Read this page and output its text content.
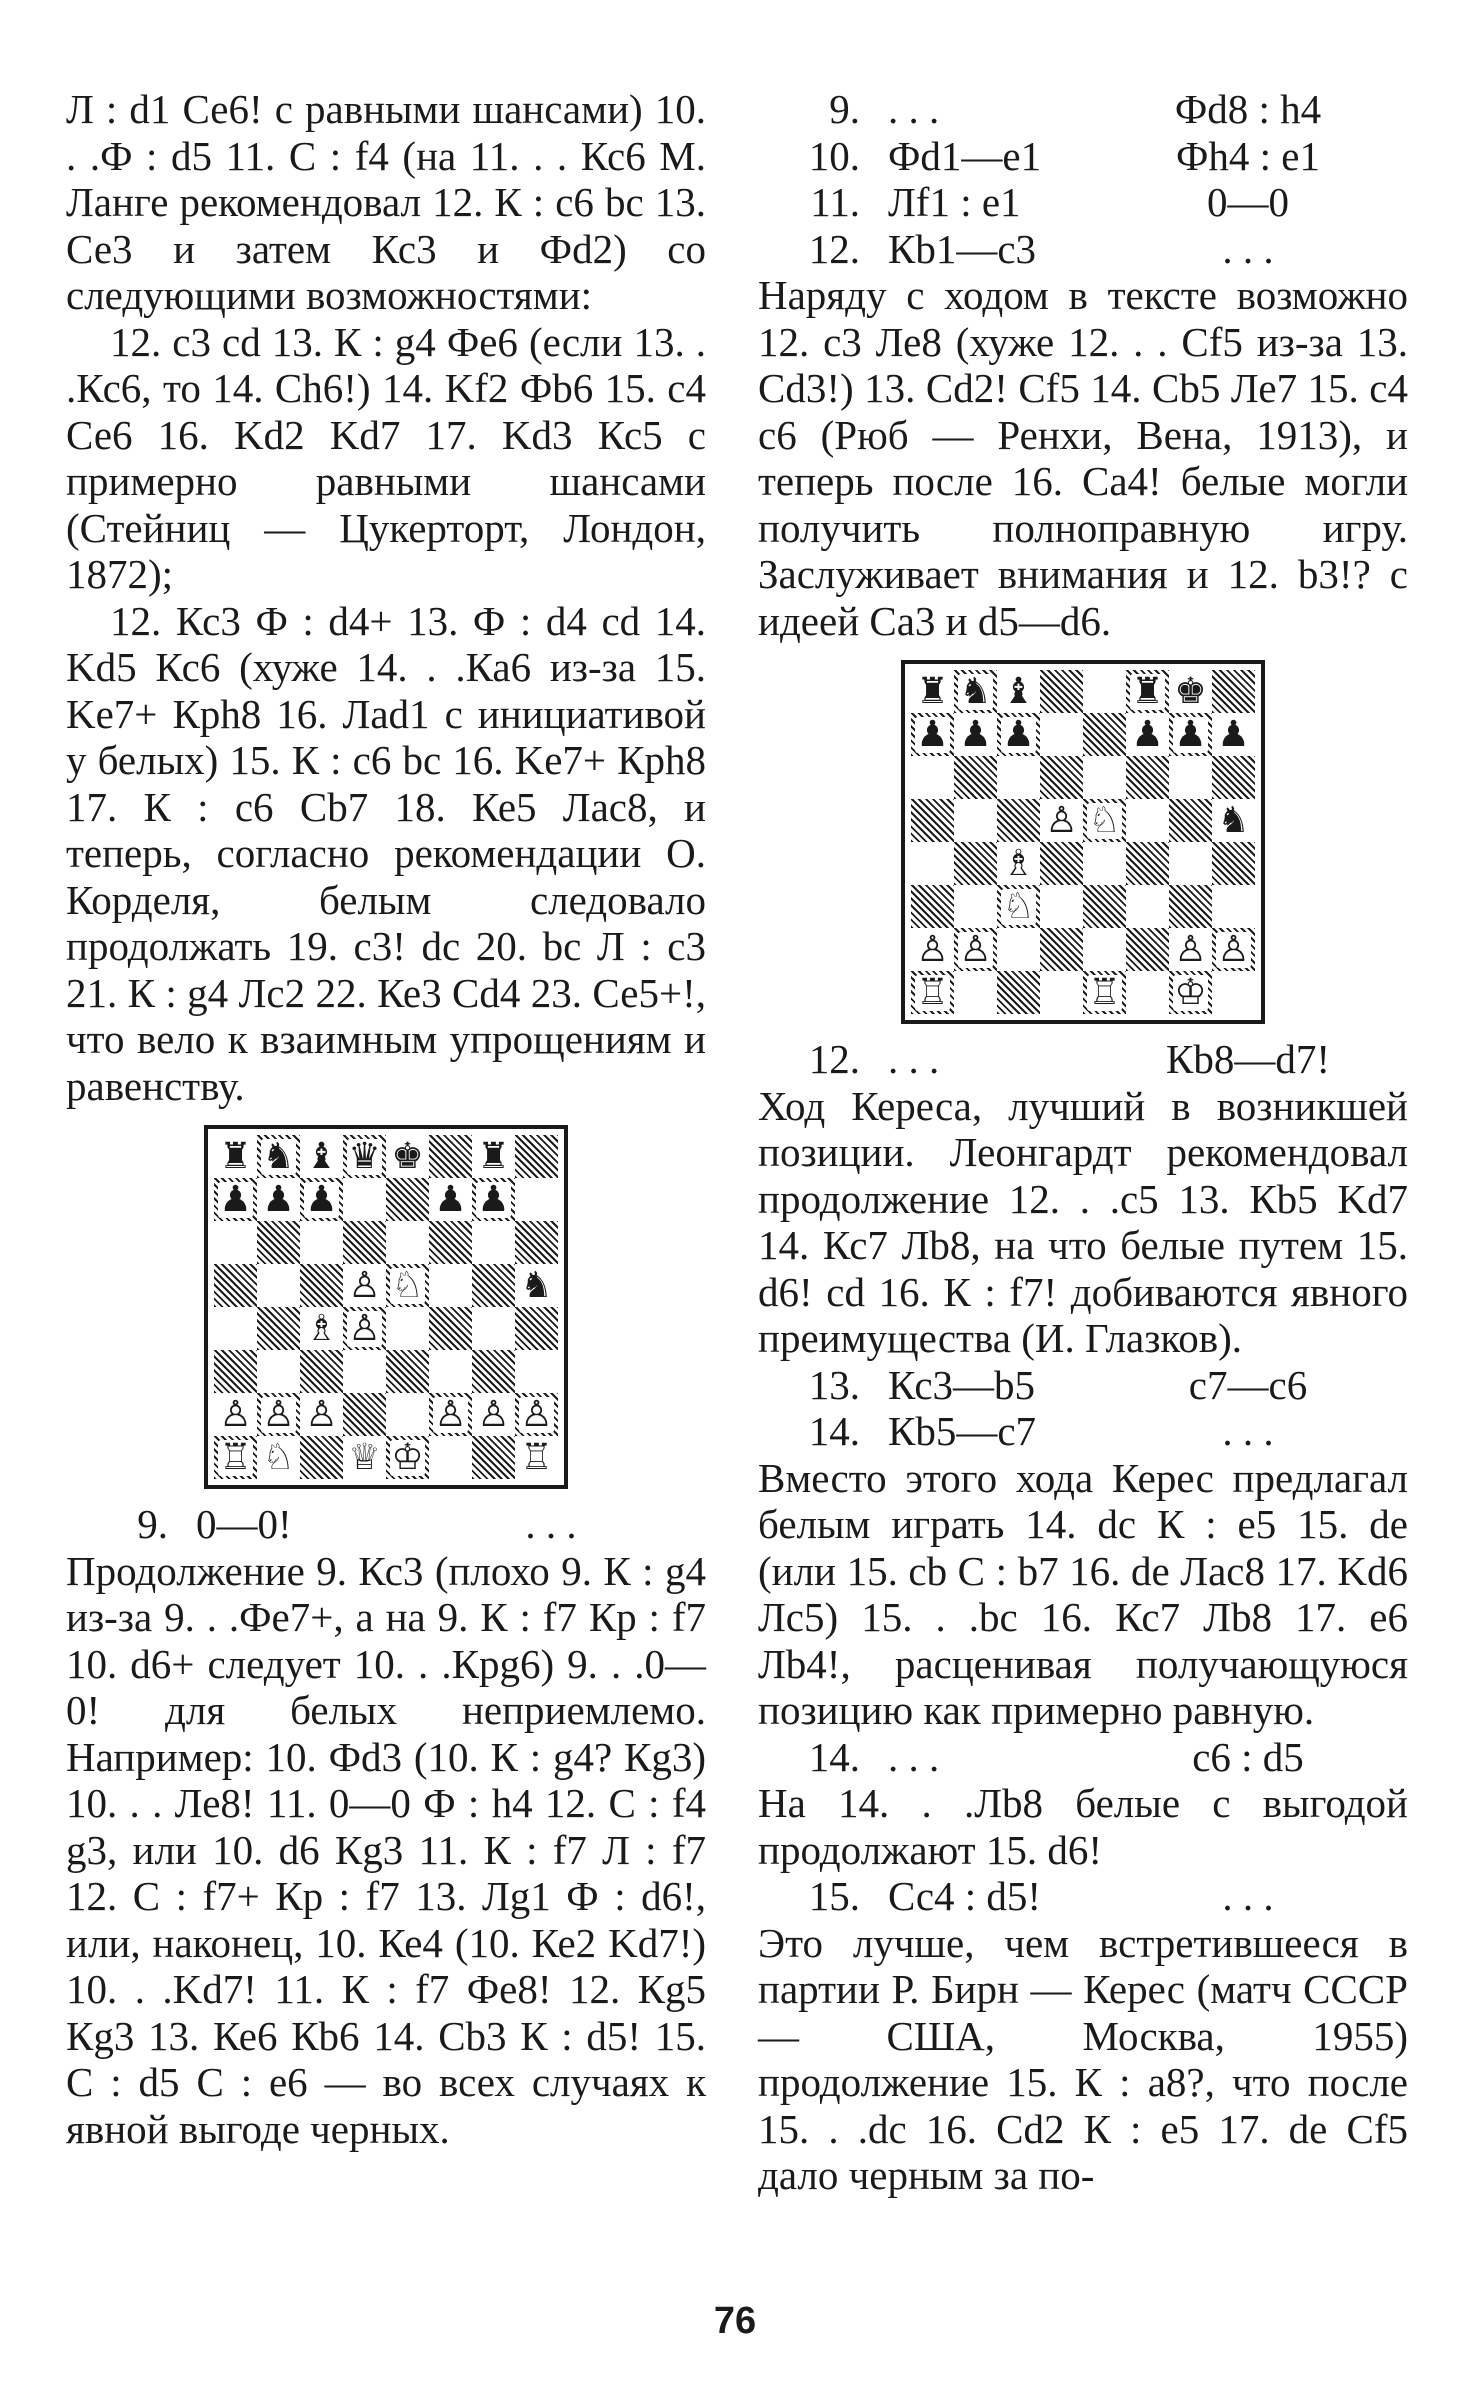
Л : d1 Се6! с равными шансами) 10. . .Ф : d5 11. С : f4 (на 11. . . Кс6 М. Ланге рекомендовал 12. К : с6 bс 13. Се3 и затем Кс3 и Фd2) со следующими возможностями:

12. с3 cd 13. К : g4 Фе6 (если 13. . .Кс6, то 14. Ch6!) 14. Kf2 Фb6 15. с4 Се6 16. Kd2 Kd7 17. Kd3 Кс5 с примерно равными шансами (Стейниц — Цукерторт, Лондон, 1872);

12. Кс3 Ф : d4+ 13. Ф : d4 cd 14. Kd5 Кс6 (хуже 14. . .Ка6 из-за 15. Ke7+ Крh8 16. Лad1 с инициативой у белых) 15. К : с6 bc 16. Ke7+ Крh8 17. К : c6 Cb7 18. Ке5 Лас8, и теперь, согласно рекомендации О. Корделя, белым следовало продолжать 19. с3! dc 20. bc Л : с3 21. К : g4 Лс2 22. Ке3 Cd4 23. Се5+!, что вело к взаимным упрощениям и равенству.

♜ ♞ ♝ ♛ ♚ ♜
♟ ♟ ♟	♟ ♟
♙ ♘	♞
♗ ♙
♙ ♙ ♙	♙ ♙ ♙
♖ ♘ ♕ ♔	♖
9. 0—0!	. . .

Продолжение 9. Кс3 (плохо 9. К : g4 из-за 9. . .Фе7+, а на 9. К : f7 Кр : f7 10. d6+ следует 10. . .Крg6) 9. . .0—0! для белых неприемлемо. Например: 10. Фd3 (10. К : g4? Кg3) 10. . . Ле8! 11. 0—0 Ф : h4 12. С : f4 g3, или 10. d6 Кg3 11. К : f7 Л : f7 12. С : f7+ Кр : f7 13. Лg1 Ф : d6!, или, наконец, 10. Ке4 (10. Ке2 Kd7!) 10. . .Kd7! 11. К : f7 Фе8! 12. Кg5 Кg3 13. Ке6 Кb6 14. Cb3 К : d5! 15. С : d5 С : е6 — во всех случаях к явной выгоде черных.

9. . . .	Фd8 : h4
10. Фd1—e1	Фh4 : e1
11. Лf1 : e1	0—0
12. Кb1—c3	. . .

Наряду с ходом в тексте возможно 12. с3 Ле8 (хуже 12. . . Сf5 из-за 13. Cd3!) 13. Cd2! Cf5 14. Cb5 Ле7 15. с4 с6 (Рюб — Ренхи, Вена, 1913), и теперь после 16. Са4! белые могли получить полноправную игру. Заслуживает внимания и 12. b3!? с идеей Са3 и d5—d6.

♜ ♞ ♝	♜ ♚
♟ ♟ ♟	♟ ♟ ♟
♙ ♘	♞
♗
♘
♙ ♙	♙ ♙
♖	♖ ♔
12. . . .	Кb8—d7!

Ход Кереса, лучший в возникшей позиции. Леонгардт рекомендовал продолжение 12. . .с5 13. Кb5 Kd7 14. Кс7 Лb8, на что белые путем 15. d6! cd 16. К : f7! добиваются явного преимущества (И. Глазков).

13. Кс3—b5	с7—с6
14. Кb5—с7	. . .

Вместо этого хода Керес предлагал белым играть 14. dc К : е5 15. de (или 15. cb С : b7 16. de Лас8 17. Kd6 Лс5) 15. . .bc 16. Кс7 Лb8 17. е6 Лb4!, расценивая получающуюся позицию как примерно равную.

14. . . .	с6 : d5

На 14. . .Лb8 белые с выгодой продолжают 15. d6!

15. Сс4 : d5!	. . .

Это лучше, чем встретившееся в партии Р. Бирн — Керес (матч СССР — США, Москва, 1955) продолжение 15. К : а8?, что после 15. . .dc 16. Cd2 К : е5 17. de Cf5 дало черным за по-

76
